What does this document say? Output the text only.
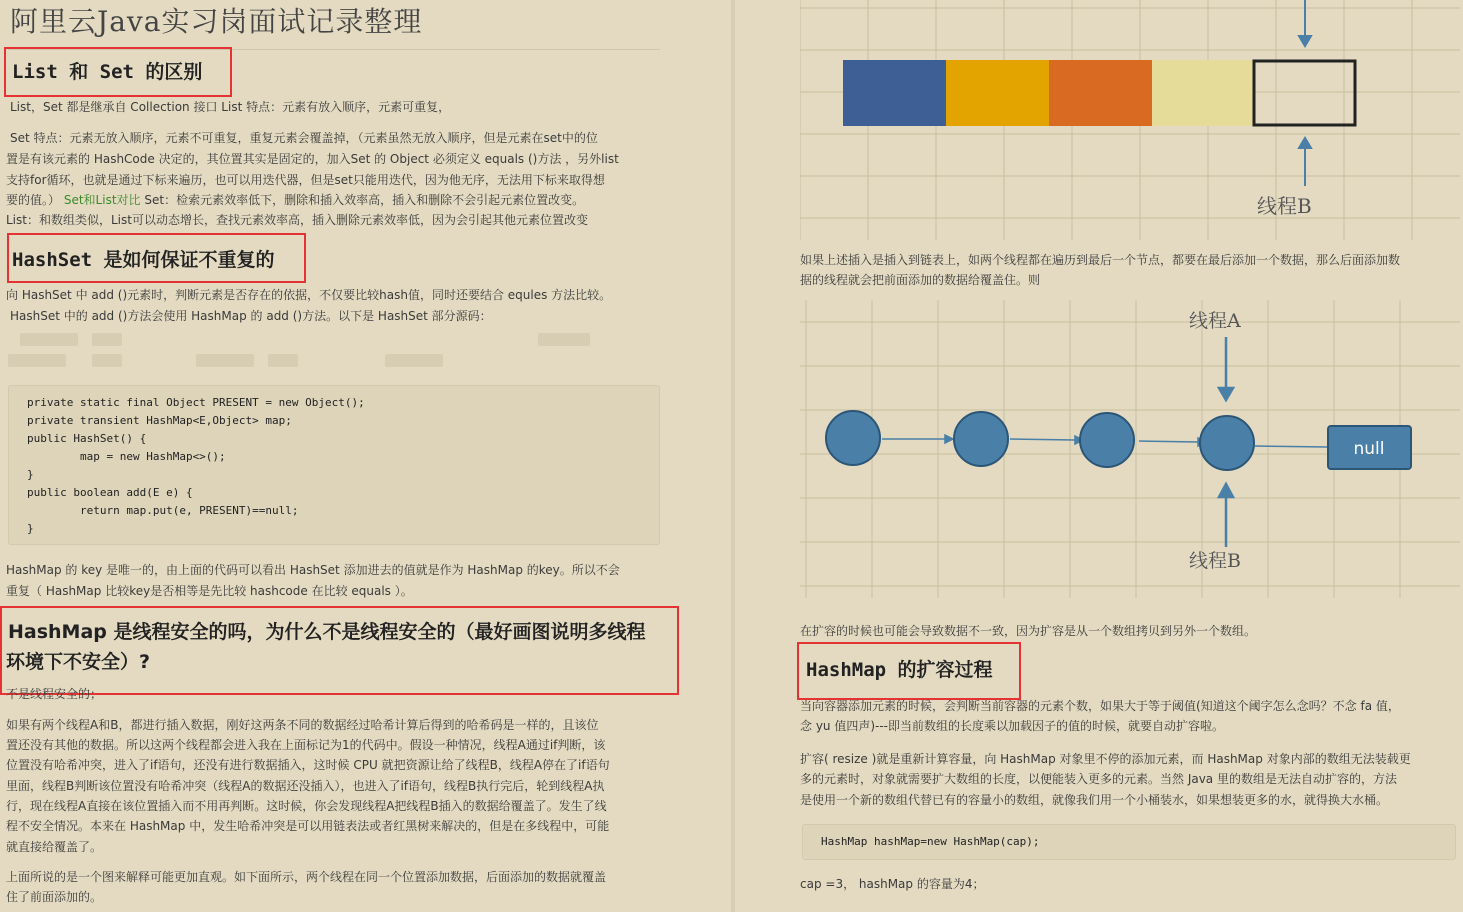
阿里云Java实习岗面试记录整理
List 和 Set 的区别
List，Set 都是继承自 Collection 接口 List 特点：元素有放入顺序，元素可重复，
Set 特点：元素无放入顺序，元素不可重复，重复元素会覆盖掉，（元素虽然无放入顺序，但是元素在set中的位
置是有该元素的 HashCode 决定的，其位置其实是固定的，加入Set 的 Object 必须定义 equals ()方法 ，另外list
支持for循环，也就是通过下标来遍历，也可以用迭代器，但是set只能用迭代，因为他无序，无法用下标来取得想
要的值。） Set和List对比 Set：检索元素效率低下，删除和插入效率高，插入和删除不会引起元素位置改变。
List：和数组类似，List可以动态增长，查找元素效率高，插入删除元素效率低，因为会引起其他元素位置改变
HashSet 是如何保证不重复的
向 HashSet 中 add ()元素时，判断元素是否存在的依据，不仅要比较hash值，同时还要结合 equles 方法比较。
HashSet 中的 add ()方法会使用 HashMap 的 add ()方法。以下是 HashSet 部分源码：
private static final Object PRESENT = new Object();
private transient HashMap<E,Object> map;
public HashSet() {
map = new HashMap<>();
}
public boolean add(E e) {
return map.put(e, PRESENT)==null;
}
HashMap 的 key 是唯一的，由上面的代码可以看出 HashSet 添加进去的值就是作为 HashMap 的key。所以不会
重复（ HashMap 比较key是否相等是先比较 hashcode 在比较 equals ）。
HashMap 是线程安全的吗，为什么不是线程安全的（最好画图说明多线程
环境下不安全）?
不是线程安全的；
如果有两个线程A和B，都进行插入数据，刚好这两条不同的数据经过哈希计算后得到的哈希码是一样的，且该位
置还没有其他的数据。所以这两个线程都会进入我在上面标记为1的代码中。假设一种情况，线程A通过if判断，该
位置没有哈希冲突，进入了if语句，还没有进行数据插入，这时候 CPU 就把资源让给了线程B，线程A停在了if语句
里面，线程B判断该位置没有哈希冲突（线程A的数据还没插入），也进入了if语句，线程B执行完后，轮到线程A执
行，现在线程A直接在该位置插入而不用再判断。这时候，你会发现线程A把线程B插入的数据给覆盖了。发生了线
程不安全情况。本来在 HashMap 中，发生哈希冲突是可以用链表法或者红黑树来解决的，但是在多线程中，可能
就直接给覆盖了。
上面所说的是一个图来解释可能更加直观。如下面所示，两个线程在同一个位置添加数据，后面添加的数据就覆盖
住了前面添加的。
线程B
如果上述插入是插入到链表上，如两个线程都在遍历到最后一个节点，都要在最后添加一个数据，那么后面添加数
据的线程就会把前面添加的数据给覆盖住。则
null
线程A
线程B
在扩容的时候也可能会导致数据不一致，因为扩容是从一个数组拷贝到另外一个数组。
HashMap 的扩容过程
当向容器添加元素的时候，会判断当前容器的元素个数，如果大于等于阈值(知道这个阈字怎么念吗？不念 fa 值，
念 yu 值四声)---即当前数组的长度乘以加载因子的值的时候，就要自动扩容啦。
扩容( resize )就是重新计算容量，向 HashMap 对象里不停的添加元素，而 HashMap 对象内部的数组无法装载更
多的元素时，对象就需要扩大数组的长度，以便能装入更多的元素。当然 Java 里的数组是无法自动扩容的，方法
是使用一个新的数组代替已有的容量小的数组，就像我们用一个小桶装水，如果想装更多的水，就得换大水桶。
HashMap hashMap=new HashMap(cap);
cap =3， hashMap 的容量为4；
